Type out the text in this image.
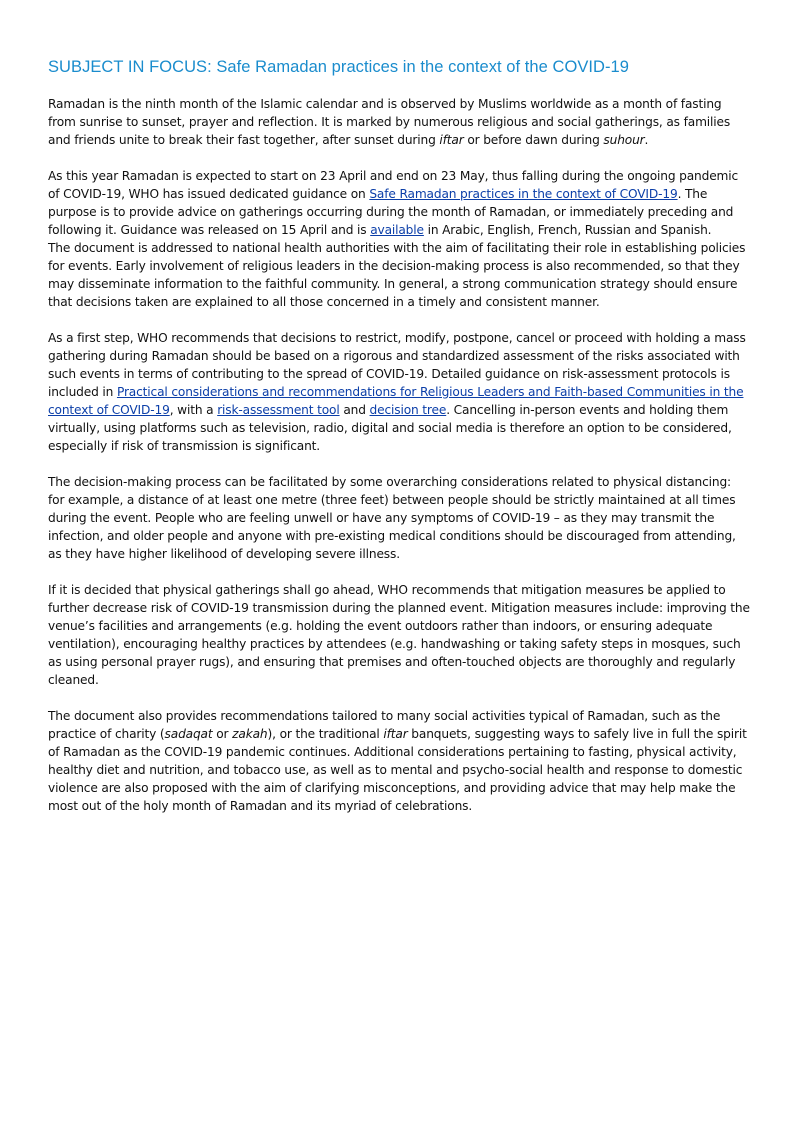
SUBJECT IN FOCUS: Safe Ramadan practices in the context of the COVID-19

Ramadan is the ninth month of the Islamic calendar and is observed by Muslims worldwide as a month of fasting from sunrise to sunset, prayer and reflection. It is marked by numerous religious and social gatherings, as families and friends unite to break their fast together, after sunset during iftar or before dawn during suhour.

As this year Ramadan is expected to start on 23 April and end on 23 May, thus falling during the ongoing pandemic of COVID-19, WHO has issued dedicated guidance on Safe Ramadan practices in the context of COVID-19. The purpose is to provide advice on gatherings occurring during the month of Ramadan, or immediately preceding and following it. Guidance was released on 15 April and is available in Arabic, English, French, Russian and Spanish.
The document is addressed to national health authorities with the aim of facilitating their role in establishing policies for events. Early involvement of religious leaders in the decision-making process is also recommended, so that they may disseminate information to the faithful community. In general, a strong communication strategy should ensure that decisions taken are explained to all those concerned in a timely and consistent manner.

As a first step, WHO recommends that decisions to restrict, modify, postpone, cancel or proceed with holding a mass gathering during Ramadan should be based on a rigorous and standardized assessment of the risks associated with such events in terms of contributing to the spread of COVID-19. Detailed guidance on risk-assessment protocols is included in Practical considerations and recommendations for Religious Leaders and Faith-based Communities in the context of COVID-19, with a risk-assessment tool and decision tree. Cancelling in-person events and holding them virtually, using platforms such as television, radio, digital and social media is therefore an option to be considered, especially if risk of transmission is significant.

The decision-making process can be facilitated by some overarching considerations related to physical distancing: for example, a distance of at least one metre (three feet) between people should be strictly maintained at all times during the event. People who are feeling unwell or have any symptoms of COVID-19 – as they may transmit the infection, and older people and anyone with pre-existing medical conditions should be discouraged from attending, as they have higher likelihood of developing severe illness.

If it is decided that physical gatherings shall go ahead, WHO recommends that mitigation measures be applied to further decrease risk of COVID-19 transmission during the planned event. Mitigation measures include: improving the venue’s facilities and arrangements (e.g. holding the event outdoors rather than indoors, or ensuring adequate ventilation), encouraging healthy practices by attendees (e.g. handwashing or taking safety steps in mosques, such as using personal prayer rugs), and ensuring that premises and often-touched objects are thoroughly and regularly cleaned.

The document also provides recommendations tailored to many social activities typical of Ramadan, such as the practice of charity (sadaqat or zakah), or the traditional iftar banquets, suggesting ways to safely live in full the spirit of Ramadan as the COVID-19 pandemic continues. Additional considerations pertaining to fasting, physical activity, healthy diet and nutrition, and tobacco use, as well as to mental and psycho-social health and response to domestic violence are also proposed with the aim of clarifying misconceptions, and providing advice that may help make the most out of the holy month of Ramadan and its myriad of celebrations.
